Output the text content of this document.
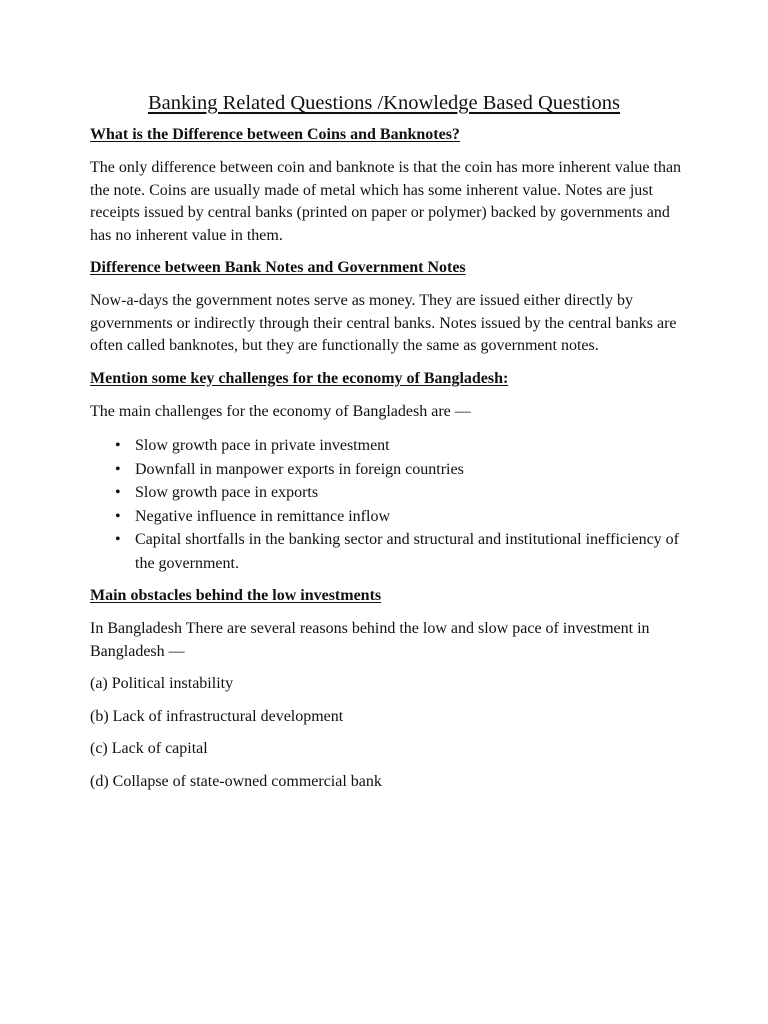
Banking Related Questions /Knowledge Based Questions
What is the Difference between Coins and Banknotes?

The only difference between coin and banknote is that the coin has more inherent value than the note. Coins are usually made of metal which has some inherent value. Notes are just receipts issued by central banks (printed on paper or polymer) backed by governments and has no inherent value in them.

Difference between Bank Notes and Government Notes

Now-a-days the government notes serve as money. They are issued either directly by governments or indirectly through their central banks. Notes issued by the central banks are often called banknotes, but they are functionally the same as government notes.

Mention some key challenges for the economy of Bangladesh:

The main challenges for the economy of Bangladesh are —

• Slow growth pace in private investment
• Downfall in manpower exports in foreign countries
• Slow growth pace in exports
• Negative influence in remittance inflow
• Capital shortfalls in the banking sector and structural and institutional inefficiency of the government.
Main obstacles behind the low investments

In Bangladesh There are several reasons behind the low and slow pace of investment in Bangladesh —

(a) Political instability
(b) Lack of infrastructural development
(c) Lack of capital
(d) Collapse of state-owned commercial bank
